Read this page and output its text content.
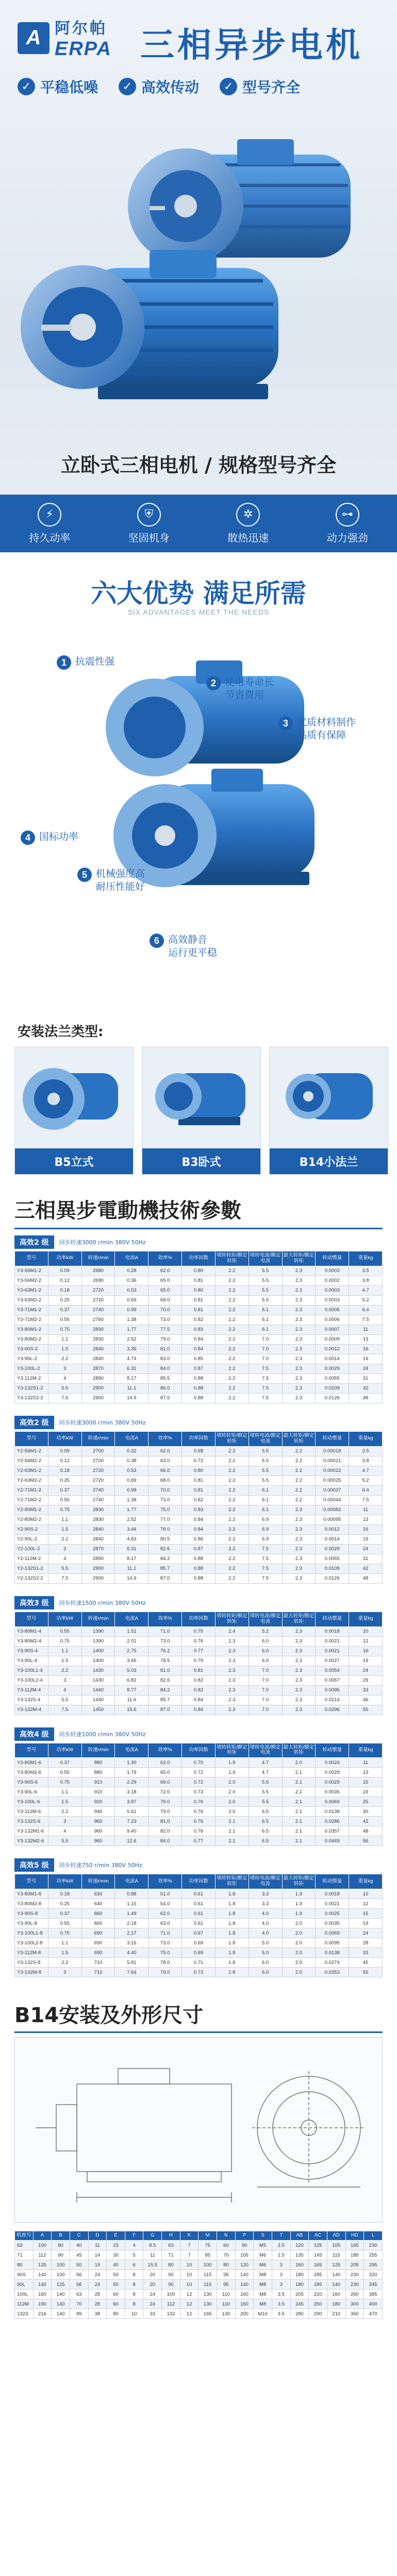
A 阿尔帕
ERPA 三相异步电机
✓ 平稳低噪	✓ 高效传动	✓ 型号齐全
立卧式三相电机 / 规格型号齐全
⚡
持久动率
⛨
坚固机身
✲
散热迅速
⊶
动力强劲
六大优势 满足所需
SIX ADVANTAGES MEET THE NEEDS
1 抗震性强
2 使用寿命长
节省费用
3 优质材料制作
品质有保障
4 国标功率
5 机械强度高
耐压性能好
6 高效静音
运行更平稳
安装法兰类型:
B5立式	B3卧式	B14小法兰
三相異步電動機技術參數
高效2 级	同步转速3000 r/min 380V 50Hz
型号	功率kW	转速r/min	电流A	效率%	功率因数	堵转转矩/额定转矩	堵转电流/额定电流	最大转矩/额定转矩	转动惯量	重量kg
Y3-56M1-2	0.09	2680	0.28	62.0	0.80	2.2	5.5	2.3	0.0002	3.5
Y3-56M2-2	0.12	2690	0.36	65.0	0.81	2.2	5.5	2.3	0.0002	3.8
Y3-63M1-2	0.18	2720	0.53	65.0	0.80	2.2	5.5	2.3	0.0003	4.7
Y3-63M2-2	0.25	2720	0.69	68.0	0.81	2.2	5.5	2.3	0.0003	5.2
Y3-71M1-2	0.37	2740	0.99	70.0	0.81	2.2	6.1	2.3	0.0005	6.4
Y3-71M2-2	0.55	2760	1.38	73.0	0.82	2.2	6.1	2.3	0.0006	7.5
Y3-80M1-2	0.75	2830	1.77	77.5	0.83	2.2	6.1	2.3	0.0007	11
Y3-80M2-2	1.1	2830	2.52	79.0	0.84	2.2	7.0	2.3	0.0009	13
Y3-90S-2	1.5	2840	3.35	81.0	0.84	2.2	7.0	2.3	0.0012	16
Y3-90L-2	2.2	2840	4.74	83.0	0.85	2.2	7.0	2.3	0.0014	19
Y3-100L-2	3	2870	6.31	84.0	0.87	2.2	7.5	2.3	0.0029	24
Y3-112M-2	4	2890	8.17	85.5	0.88	2.2	7.5	2.3	0.0055	31
Y3-132S1-2	5.5	2900	11.1	86.0	0.88	2.2	7.5	2.3	0.0109	42
Y3-132S2-2	7.5	2900	14.9	87.5	0.88	2.2	7.5	2.3	0.0126	48
高效2 级	同步转速3000 r/min 380V 50Hz
型号	功率kW	转速r/min	电流A	效率%	功率因数	堵转转矩/额定转矩	堵转电流/额定电流	最大转矩/额定转矩	转动惯量	重量kg
Y2-56M1-2	0.09	2700	0.32	62.0	0.68	2.2	5.5	2.2	0.00018	3.5
Y2-56M2-2	0.12	2700	0.38	63.0	0.72	2.2	5.5	2.2	0.00021	3.8
Y2-63M1-2	0.18	2720	0.53	66.0	0.80	2.2	5.5	2.2	0.00022	4.7
Y2-63M2-2	0.25	2720	0.69	68.0	0.81	2.2	5.5	2.2	0.00025	5.2
Y2-71M1-2	0.37	2740	0.99	70.0	0.81	2.2	6.1	2.2	0.00037	6.4
Y2-71M2-2	0.55	2740	1.38	73.0	0.82	2.2	6.1	2.2	0.00044	7.5
Y2-80M1-2	0.75	2830	1.77	75.0	0.83	2.2	6.1	2.3	0.00082	11
Y2-80M2-2	1.1	2830	2.52	77.0	0.84	2.2	6.9	2.3	0.00095	13
Y2-90S-2	1.5	2840	3.44	78.0	0.84	2.2	6.9	2.3	0.0012	16
Y2-90L-2	2.2	2840	4.83	80.5	0.86	2.2	6.9	2.3	0.0014	19
Y2-100L-2	3	2870	6.31	82.6	0.87	2.2	7.5	2.3	0.0029	24
Y2-112M-2	4	2890	8.17	84.2	0.88	2.2	7.5	2.3	0.0055	31
Y2-132S1-2	5.5	2900	11.1	85.7	0.88	2.2	7.5	2.3	0.0109	42
Y2-132S2-2	7.5	2900	14.9	87.0	0.88	2.2	7.5	2.3	0.0126	48
高效3 级	同步转速1500 r/min 380V 50Hz
型号	功率kW	转速r/min	电流A	效率%	功率因数	堵转转矩/额定转矩	堵转电流/额定电流	最大转矩/额定转矩	转动惯量	重量kg
Y3-80M1-4	0.55	1390	1.51	71.0	0.75	2.4	5.2	2.3	0.0018	10
Y3-80M2-4	0.75	1390	2.01	73.0	0.76	2.3	6.0	2.3	0.0021	12
Y3-90S-4	1.1	1400	2.75	76.2	0.77	2.3	6.0	2.3	0.0021	16
Y3-90L-4	1.5	1400	3.65	78.5	0.79	2.3	6.0	2.3	0.0027	19
Y3-100L1-4	2.2	1430	5.03	81.0	0.81	2.3	7.0	2.3	0.0054	24
Y3-100L2-4	3	1430	6.82	82.6	0.82	2.3	7.0	2.3	0.0067	29
Y3-112M-4	4	1440	8.77	84.2	0.82	2.3	7.0	2.3	0.0095	33
Y3-132S-4	5.5	1440	11.6	85.7	0.84	2.3	7.0	2.3	0.0214	46
Y3-132M-4	7.5	1450	15.6	87.0	0.84	2.3	7.0	2.3	0.0296	55
高效4 级	同步转速1000 r/min 380V 50Hz
型号	功率kW	转速r/min	电流A	效率%	功率因数	堵转转矩/额定转矩	堵转电流/额定电流	最大转矩/额定转矩	转动惯量	重量kg
Y3-80M1-6	0.37	880	1.30	62.0	0.70	1.9	4.7	2.0	0.0024	11
Y3-80M2-6	0.55	880	1.79	65.0	0.72	1.9	4.7	2.1	0.0029	13
Y3-90S-6	0.75	910	2.29	69.0	0.72	2.0	5.5	2.1	0.0029	15
Y3-90L-6	1.1	910	3.18	72.0	0.73	2.0	5.5	2.1	0.0035	19
Y3-100L-6	1.5	920	3.97	76.0	0.76	2.0	5.5	2.1	0.0069	25
Y3-112M-6	2.2	940	5.61	79.0	0.76	2.0	6.5	2.1	0.0138	30
Y3-132S-6	3	960	7.23	81.0	0.76	2.1	6.5	2.1	0.0286	42
Y3-132M1-6	4	960	9.40	82.0	0.76	2.1	6.5	2.1	0.0357	48
Y3-132M2-6	5.5	960	12.6	84.0	0.77	2.1	6.5	2.1	0.0449	56
高效5 级	同步转速750 r/min 380V 50Hz
型号	功率kW	转速r/min	电流A	效率%	功率因数	堵转转矩/额定转矩	堵转电流/额定电流	最大转矩/额定转矩	转动惯量	重量kg
Y3-80M1-8	0.18	630	0.88	51.0	0.61	1.8	3.3	1.9	0.0018	10
Y3-80M2-8	0.25	640	1.15	54.0	0.61	1.8	3.3	1.9	0.0021	12
Y3-90S-8	0.37	660	1.49	62.0	0.61	1.8	4.0	1.9	0.0025	15
Y3-90L-8	0.55	660	2.18	63.0	0.61	1.8	4.0	2.0	0.0035	19
Y3-100L1-8	0.75	690	2.17	71.0	0.67	1.8	4.0	2.0	0.0069	24
Y3-100L2-8	1.1	690	3.15	73.0	0.69	1.8	5.0	2.0	0.0095	28
Y3-112M-8	1.5	690	4.40	75.0	0.69	1.8	5.0	2.0	0.0138	33
Y3-132S-8	2.2	710	5.81	78.0	0.71	1.8	6.0	2.0	0.0274	45
Y3-132M-8	3	710	7.64	79.0	0.73	1.8	6.0	2.0	0.0353	55
B14安装及外形尺寸
机座号	A	B	C	D	E	F	G	H	K	M	N	P	S	T	AB	AC	AD	HD	L
63	100	80	40	11	23	4	8.5	63	7	75	60	90	M5	2.5	120	125	105	165	230
71	112	90	45	14	30	5	11	71	7	85	70	105	M6	2.5	135	145	115	185	255
80	125	100	50	19	40	6	15.5	80	10	100	80	120	M6	3	160	165	125	205	295
90S	140	100	56	24	50	8	20	90	10	115	95	140	M8	3	180	185	140	230	320
90L	140	125	56	24	50	8	20	90	10	115	95	140	M8	3	180	185	140	230	345
100L	160	140	63	28	60	8	24	100	12	130	110	160	M8	3.5	205	220	160	260	385
112M	190	140	70	28	60	8	24	112	12	130	110	160	M8	3.5	245	250	180	300	400
132S	216	140	89	38	80	10	33	132	12	165	130	200	M10	3.5	280	290	210	350	470
